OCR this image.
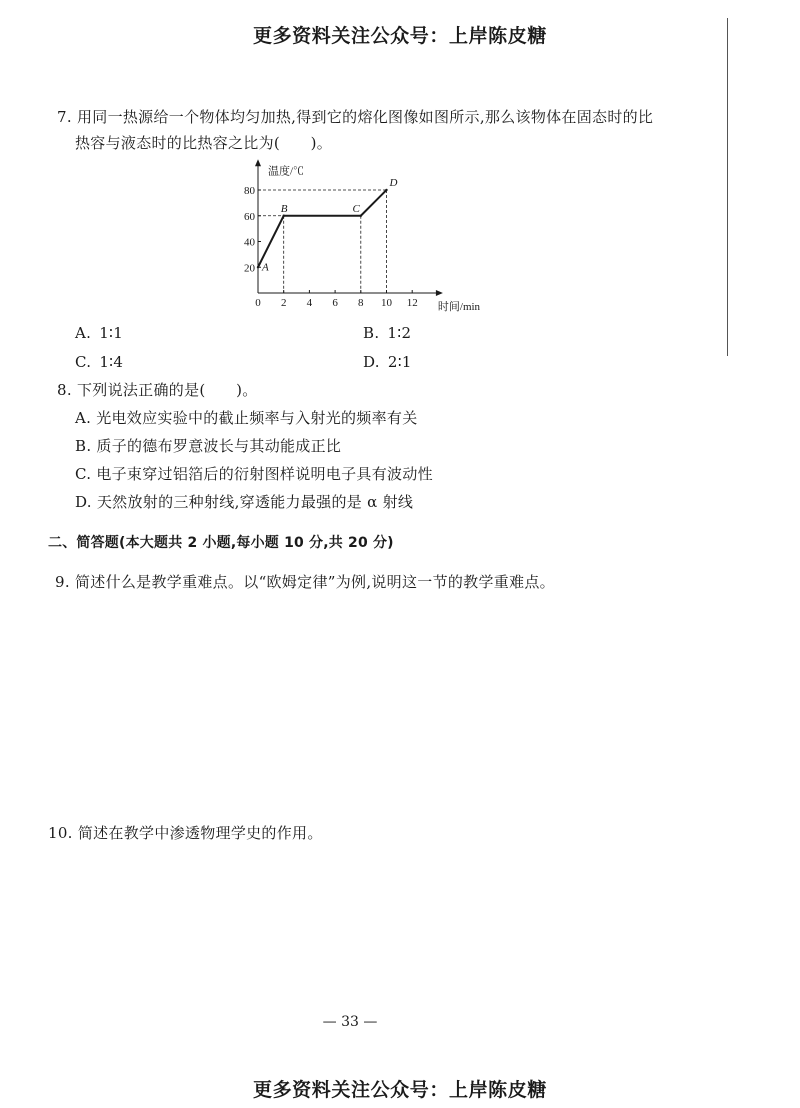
更多资料关注公众号：上岸陈皮糖
7. 用同一热源给一个物体均匀加热,得到它的熔化图像如图所示,那么该物体在固态时的比
热容与液态时的比热容之比为(　　)。
0 2 4 6 8 10 12
20
40
60
80
温度/℃
时间/min
A
B	C
D
A. 1∶1	B. 1∶2
C. 1∶4	D. 2∶1
8. 下列说法正确的是(　　)。
A. 光电效应实验中的截止频率与入射光的频率有关
B. 质子的德布罗意波长与其动能成正比
C. 电子束穿过铝箔后的衍射图样说明电子具有波动性
D. 天然放射的三种射线,穿透能力最强的是 α 射线
二、简答题(本大题共 2 小题,每小题 10 分,共 20 分)
9. 简述什么是教学重难点。以“欧姆定律”为例,说明这一节的教学重难点。
10. 简述在教学中渗透物理学史的作用。
— 33 —
更多资料关注公众号：上岸陈皮糖
